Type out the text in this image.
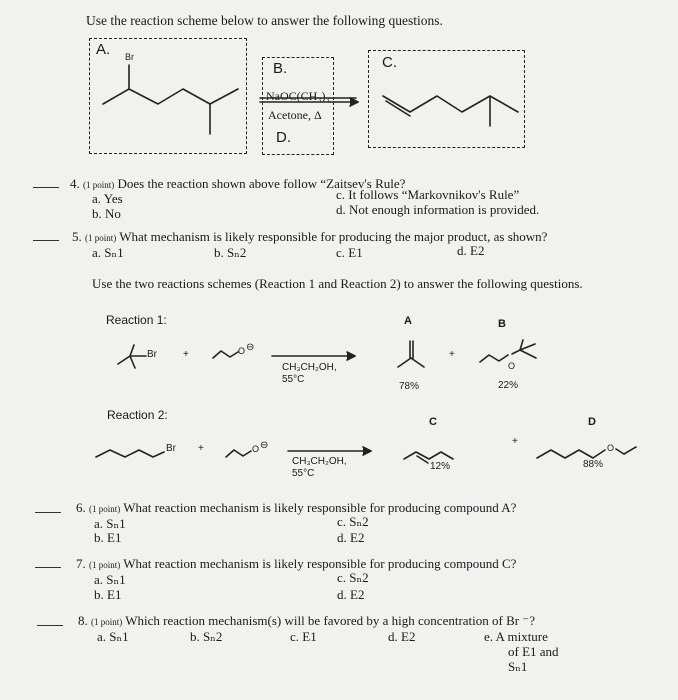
Use the reaction scheme below to answer the following questions.
A. Br
B.
NaOC(CH₃)₃
Acetone, Δ
D.
C.
4. (1 point) Does the reaction shown above follow “Zaitsev's Rule?
a. Yes
b. No
c. It follows “Markovnikov's Rule”
d. Not enough information is provided.
5. (1 point) What mechanism is likely responsible for producing the major product, as shown?
a. Sₙ1	b. Sₙ2	c. E1	d. E2
Use the two reactions schemes (Reaction 1 and Reaction 2) to answer the following questions.
Reaction 1:
Br	+	O ⊖
CH₃CH₂OH,
55°C
A	B
+
O
78%	22%
Reaction 2:
Br +	O ⊖
CH₃CH₂OH,
55°C
C	D
+
O
12%	88%
6. (1 point) What reaction mechanism is likely responsible for producing compound A?
a. Sₙ1
b. E1
c. Sₙ2
d. E2
7. (1 point) What reaction mechanism is likely responsible for producing compound C?
a. Sₙ1
b. E1
c. Sₙ2
d. E2
8. (1 point) Which reaction mechanism(s) will be favored by a high concentration of Br ⁻?
a. Sₙ1	b. Sₙ2	c. E1	d. E2	e. A mixture
of E1 and
Sₙ1
